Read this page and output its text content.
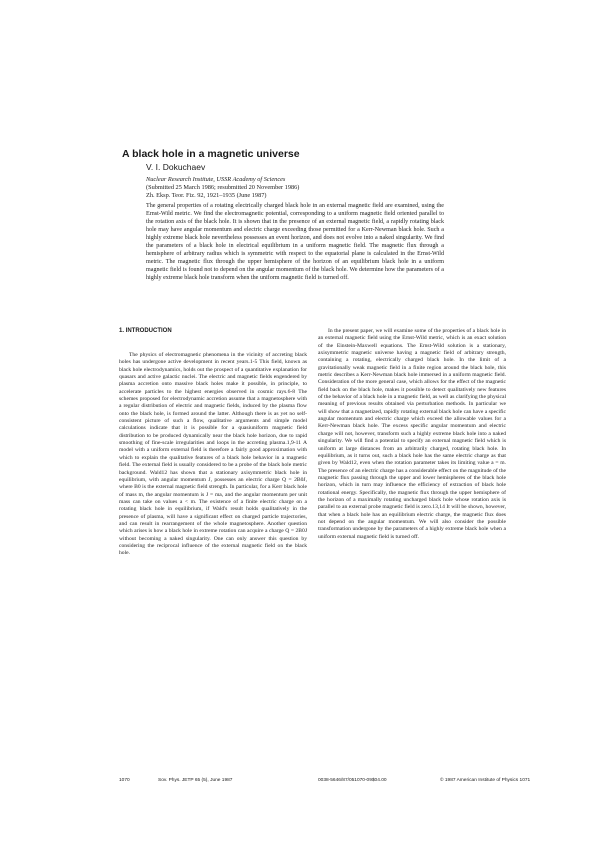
A black hole in a magnetic universe
V. I. Dokuchaev
Nuclear Research Institute, USSR Academy of Sciences
(Submitted 25 March 1986; resubmitted 20 November 1986)
Zh. Eksp. Teor. Fiz. 92, 1921–1935 (June 1987)

The general properties of a rotating electrically charged black hole in an external magnetic field are examined, using the Ernst-Wild metric. We find the electromagnetic potential, corresponding to a uniform magnetic field oriented parallel to the rotation axis of the black hole. It is shown that in the presence of an external magnetic field, a rapidly rotating black hole may have angular momentum and electric charge exceeding those permitted for a Kerr-Newman black hole. Such a highly extreme black hole nevertheless possesses an event horizon, and does not evolve into a naked singularity. We find the parameters of a black hole in electrical equilibrium in a uniform magnetic field. The magnetic flux through a hemisphere of arbitrary radius which is symmetric with respect to the equatorial plane is calculated in the Ernst-Wild metric. The magnetic flux through the upper hemisphere of the horizon of an equilibrium black hole in a uniform magnetic field is found not to depend on the angular momentum of the black hole. We determine how the parameters of a highly extreme black hole transform when the uniform magnetic field is turned off.

1. INTRODUCTION

The physics of electromagnetic phenomena in the vicinity of accreting black holes has undergone active development in recent years.1-5 This field, known as black hole electrodynamics, holds out the prospect of a quantitative explanation for quasars and active galactic nuclei. The electric and magnetic fields engendered by plasma accretion onto massive black holes make it possible, in principle, to accelerate particles to the highest energies observed in cosmic rays.6-8 The schemes proposed for electrodynamic accretion assume that a magnetosphere with a regular distribution of electric and magnetic fields, induced by the plasma flow onto the black hole, is formed around the latter. Although there is as yet no self-consistent picture of such a flow, qualitative arguments and simple model calculations indicate that it is possible for a quasiuniform magnetic field distribution to be produced dynamically near the black hole horizon, due to rapid smoothing of fine-scale irregularities and loops in the accreting plasma.1,9-11 A model with a uniform external field is therefore a fairly good approximation with which to explain the qualitative features of a black hole behavior in a magnetic field. The external field is usually considered to be a probe of the black hole metric background. Wald12 has shown that a stationary axisymmetric black hole in equilibrium, with angular momentum J, possesses an electric charge Q = 2B0J, where B0 is the external magnetic field strength. In particular, for a Kerr black hole of mass m, the angular momentum is J = ma, and the angular momentum per unit mass can take on values a < m. The existence of a finite electric charge on a rotating black hole in equilibrium, if Wald's result holds qualitatively in the presence of plasma, will have a significant effect on charged particle trajectories, and can result in rearrangement of the whole magnetosphere. Another question which arises is how a black hole in extreme rotation can acquire a charge Q = 2B0J without becoming a naked singularity. One can only answer this question by considering the reciprocal influence of the external magnetic field on the black hole.

In the present paper, we will examine some of the properties of a black hole in an external magnetic field using the Ernst-Wild metric, which is an exact solution of the Einstein-Maxwell equations. The Ernst-Wild solution is a stationary, axisymmetric magnetic universe having a magnetic field of arbitrary strength, containing a rotating, electrically charged black hole. In the limit of a gravitationally weak magnetic field in a finite region around the black hole, this metric describes a Kerr-Newman black hole immersed in a uniform magnetic field. Consideration of the more general case, which allows for the effect of the magnetic field back on the black hole, makes it possible to detect qualitatively new features of the behavior of a black hole in a magnetic field, as well as clarifying the physical meaning of previous results obtained via perturbation methods. In particular we will show that a magnetized, rapidly rotating external black hole can have a specific angular momentum and electric charge which exceed the allowable values for a Kerr-Newman black hole. The excess specific angular momentum and electric charge will not, however, transform such a highly extreme black hole into a naked singularity. We will find a potential to specify an external magnetic field which is uniform at large distances from an arbitrarily charged, rotating black hole. In equilibrium, as it turns out, such a black hole has the same electric charge as that given by Wald12, even when the rotation parameter takes its limiting value a = m. The presence of an electric charge has a considerable effect on the magnitude of the magnetic flux passing through the upper and lower hemispheres of the black hole horizon, which in turn may influence the efficiency of extraction of black hole rotational energy. Specifically, the magnetic flux through the upper hemisphere of the horizon of a maximally rotating uncharged black hole whose rotation axis is parallel to an external probe magnetic field is zero.13,14 It will be shown, however, that when a black hole has an equilibrium electric charge, the magnetic flux does not depend on the angular momentum. We will also consider the possible transformation undergone by the parameters of a highly extreme black hole when a uniform external magnetic field is turned off.

1070	Sov. Phys. JETP 65 (5), June 1987	0038-5646/87/051070-09$04.00	© 1987 American Institute of Physics 1071
